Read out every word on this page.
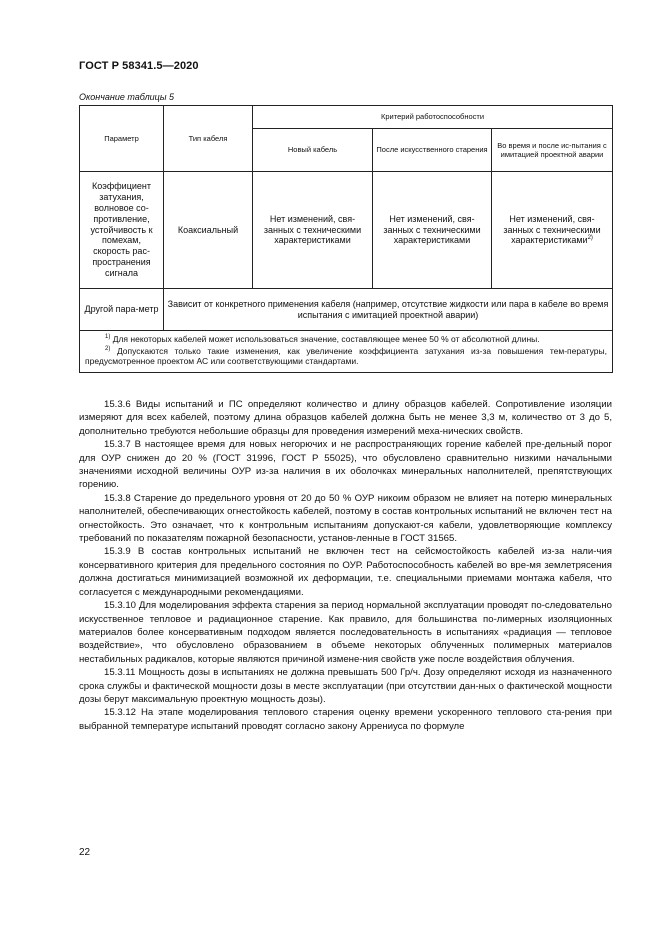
ГОСТ Р 58341.5—2020
Окончание таблицы 5
Параметр	Тип кабеля	Критерий работоспособности		
		Новый кабель	После искусственного старения	Во время и после ис-пытания с имитацией проектной аварии
Коэффициент затухания, волновое со-противление, устойчивость к помехам, скорость рас-пространения сигнала	Коаксиальный	Нет изменений, свя-занных с техническими характеристиками	Нет изменений, свя-занных с техническими характеристиками	Нет изменений, свя-занных с техническими характеристиками$^{2)}$
Другой пара-метр	Зависит от конкретного применения кабеля (например, отсутствие жидкости или пара в кабеле во время испытания с имитацией проектной аварии)			

$^{1)}$ Для некоторых кабелей может использоваться значение, составляющее менее 50 % от абсолютной длины.

$^{2)}$ Допускаются только такие изменения, как увеличение коэффициента затухания из-за повышения тем-пературы, предусмотренное проектом АС или соответствующими стандартами.				

15.3.6 Виды испытаний и ПС определяют количество и длину образцов кабелей. Сопротивление изоляции измеряют для всех кабелей, поэтому длина образцов кабелей должна быть не менее 3,3 м, количество от 3 до 5, дополнительно требуются небольшие образцы для проведения измерений меха-нических свойств.

15.3.7 В настоящее время для новых негорючих и не распространяющих горение кабелей пре-дельный порог для ОУР снижен до 20 % (ГОСТ 31996, ГОСТ Р 55025), что обусловлено сравнительно низкими начальными значениями исходной величины ОУР из-за наличия в их оболочках минеральных наполнителей, препятствующих горению.

15.3.8 Старение до предельного уровня от 20 до 50 % ОУР никоим образом не влияет на потерю минеральных наполнителей, обеспечивающих огнестойкость кабелей, поэтому в состав контрольных испытаний не включен тест на огнестойкость. Это означает, что к контрольным испытаниям допускают-ся кабели, удовлетворяющие комплексу требований по показателям пожарной безопасности, установ-ленные в ГОСТ 31565.

15.3.9 В состав контрольных испытаний не включен тест на сейсмостойкость кабелей из-за нали-чия консервативного критерия для предельного состояния по ОУР. Работоспособность кабелей во вре-мя землетрясения должна достигаться минимизацией возможной их деформации, т.е. специальными приемами монтажа кабеля, что согласуется с международными рекомендациями.

15.3.10 Для моделирования эффекта старения за период нормальной эксплуатации проводят по-следовательно искусственное тепловое и радиационное старение. Как правило, для большинства по-лимерных изоляционных материалов более консервативным подходом является последовательность в испытаниях «радиация — тепловое воздействие», что обусловлено образованием в объеме некоторых облученных полимерных материалов нестабильных радикалов, которые являются причиной измене-ния свойств уже после воздействия облучения.

15.3.11 Мощность дозы в испытаниях не должна превышать 500 Гр/ч. Дозу определяют исходя из назначенного срока службы и фактической мощности дозы в месте эксплуатации (при отсутствии дан-ных о фактической мощности дозы берут максимальную проектную мощность дозы).

15.3.12 На этапе моделирования теплового старения оценку времени ускоренного теплового ста-рения при выбранной температуре испытаний проводят согласно закону Аррениуса по формуле

22
